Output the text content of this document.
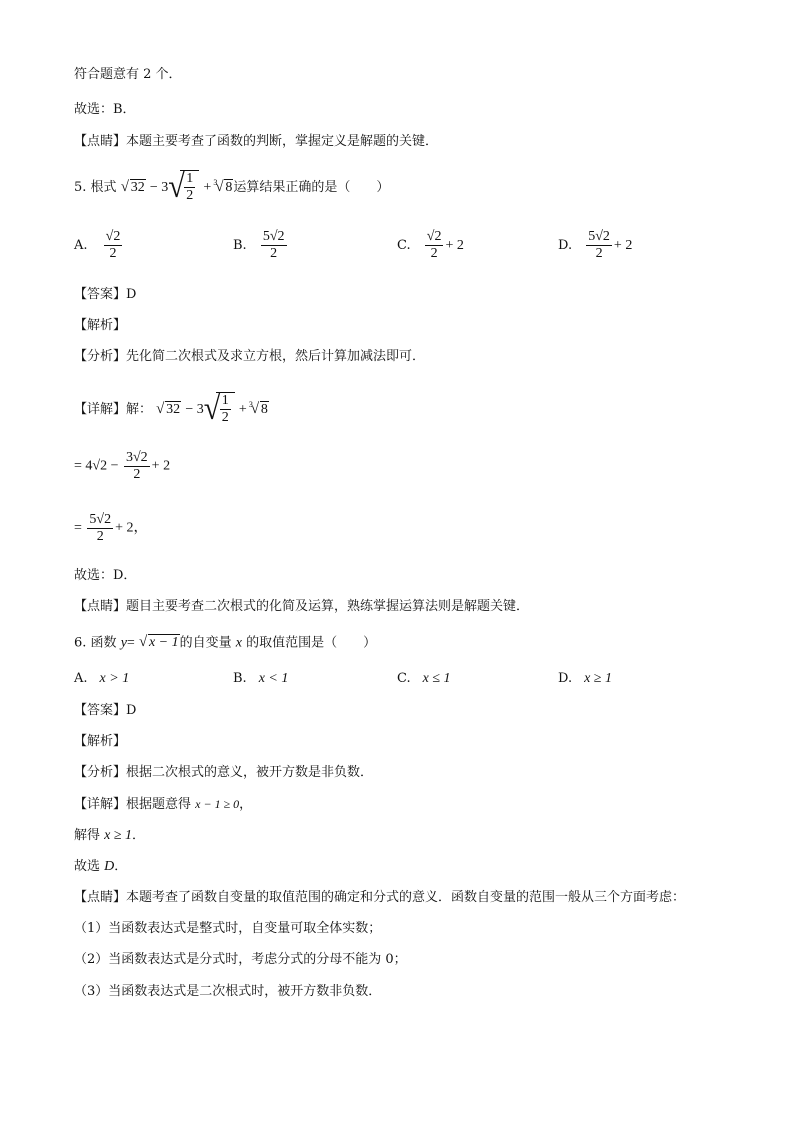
符合题意有 2 个．
故选：B．
【点睛】本题主要考查了函数的判断，掌握定义是解题的关键．
5. 根式 √ 32 − 3 √ $\frac{1}{2}$ + √ 3 8运算结果正确的是（　　）
A. $\frac{√2}{2}$	B. $\frac{5√2}{2}$	C. $\frac{√2}{2} + 2$	D. $\frac{5√2}{2} + 2$
【答案】D
【解析】
【分析】先化简二次根式及求立方根，然后计算加减法即可．
【详解】解： √ 32 − 3 √ $\frac{1}{2}$ + √ 3 8
= $4√2 - \frac{3√2}{2} + 2$
= $\frac{5√2}{2} + 2$，
故选：D．
【点睛】题目主要考查二次根式的化简及运算，熟练掌握运算法则是解题关键．
6. 函数 y= √ x − 1的自变量 x 的取值范围是（　　）
A. x > 1	B. x < 1	C. x ≤ 1	D. x ≥ 1
【答案】D
【解析】
【分析】根据二次根式的意义，被开方数是非负数．
【详解】根据题意得 x − 1 ≥ 0，
解得 x ≥ 1．
故选 D．
【点睛】本题考查了函数自变量的取值范围的确定和分式的意义．函数自变量的范围一般从三个方面考虑：
（1）当函数表达式是整式时，自变量可取全体实数；
（2）当函数表达式是分式时，考虑分式的分母不能为 0；
（3）当函数表达式是二次根式时，被开方数非负数．
